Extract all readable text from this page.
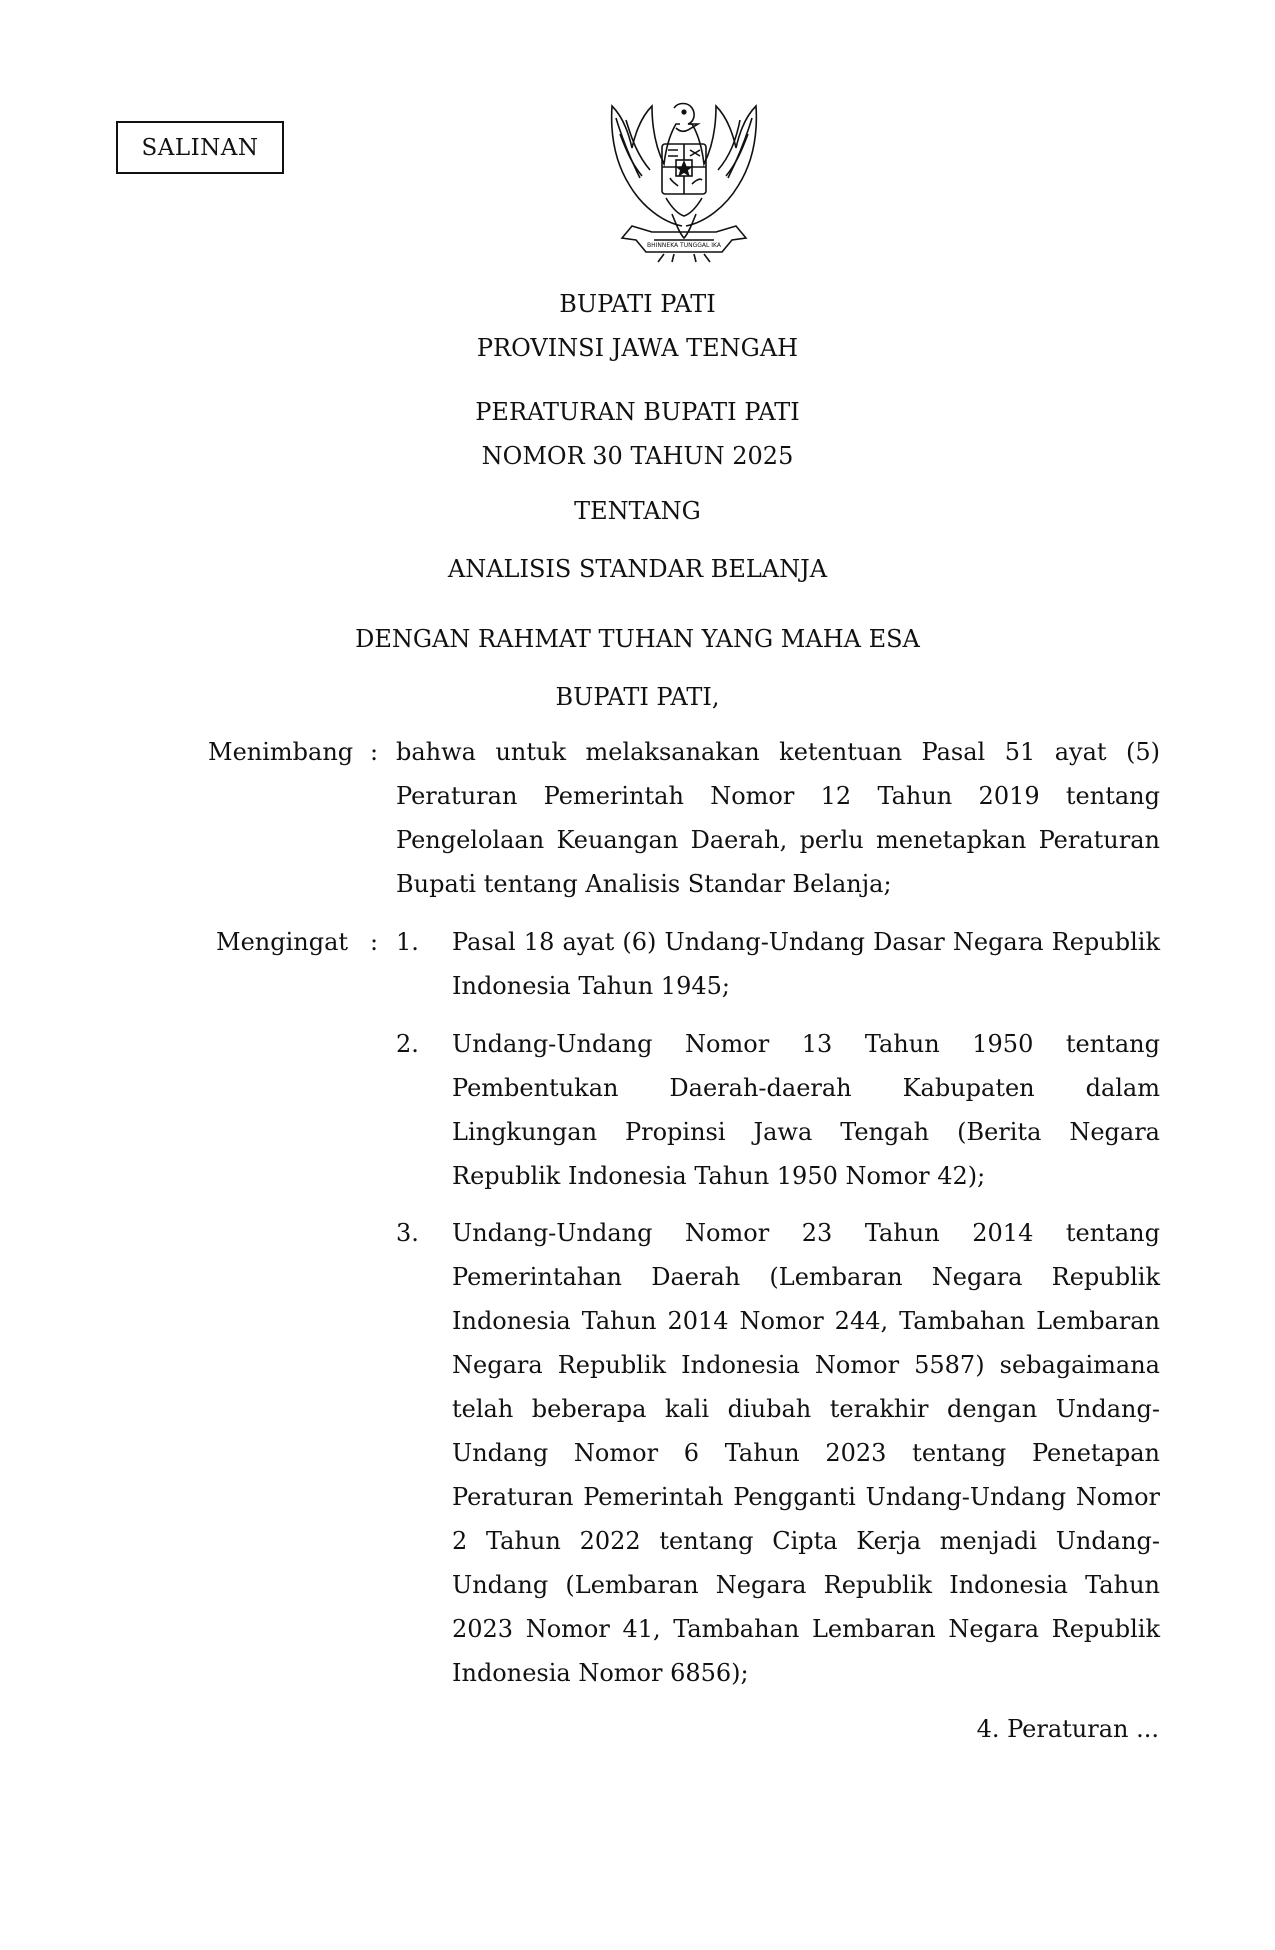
SALINAN
BHINNEKA TUNGGAL IKA
BUPATI PATI
PROVINSI JAWA TENGAH
PERATURAN BUPATI PATI
NOMOR 30 TAHUN 2025
TENTANG
ANALISIS STANDAR BELANJA
DENGAN RAHMAT TUHAN YANG MAHA ESA
BUPATI PATI,
Menimbang : bahwa untuk melaksanakan ketentuan Pasal 51 ayat (5)
Peraturan Pemerintah Nomor 12 Tahun 2019 tentang
Pengelolaan Keuangan Daerah, perlu menetapkan Peraturan
Bupati tentang Analisis Standar Belanja;
Mengingat : 1. Pasal 18 ayat (6) Undang-Undang Dasar Negara Republik
Indonesia Tahun 1945;
2. Undang-Undang Nomor 13 Tahun 1950 tentang
Pembentukan Daerah-daerah Kabupaten dalam
Lingkungan Propinsi Jawa Tengah (Berita Negara
Republik Indonesia Tahun 1950 Nomor 42);
3. Undang-Undang Nomor 23 Tahun 2014 tentang
Pemerintahan Daerah (Lembaran Negara Republik
Indonesia Tahun 2014 Nomor 244, Tambahan Lembaran
Negara Republik Indonesia Nomor 5587) sebagaimana
telah beberapa kali diubah terakhir dengan Undang-
Undang Nomor 6 Tahun 2023 tentang Penetapan
Peraturan Pemerintah Pengganti Undang-Undang Nomor
2 Tahun 2022 tentang Cipta Kerja menjadi Undang-
Undang (Lembaran Negara Republik Indonesia Tahun
2023 Nomor 41, Tambahan Lembaran Negara Republik
Indonesia Nomor 6856);
4. Peraturan ...
